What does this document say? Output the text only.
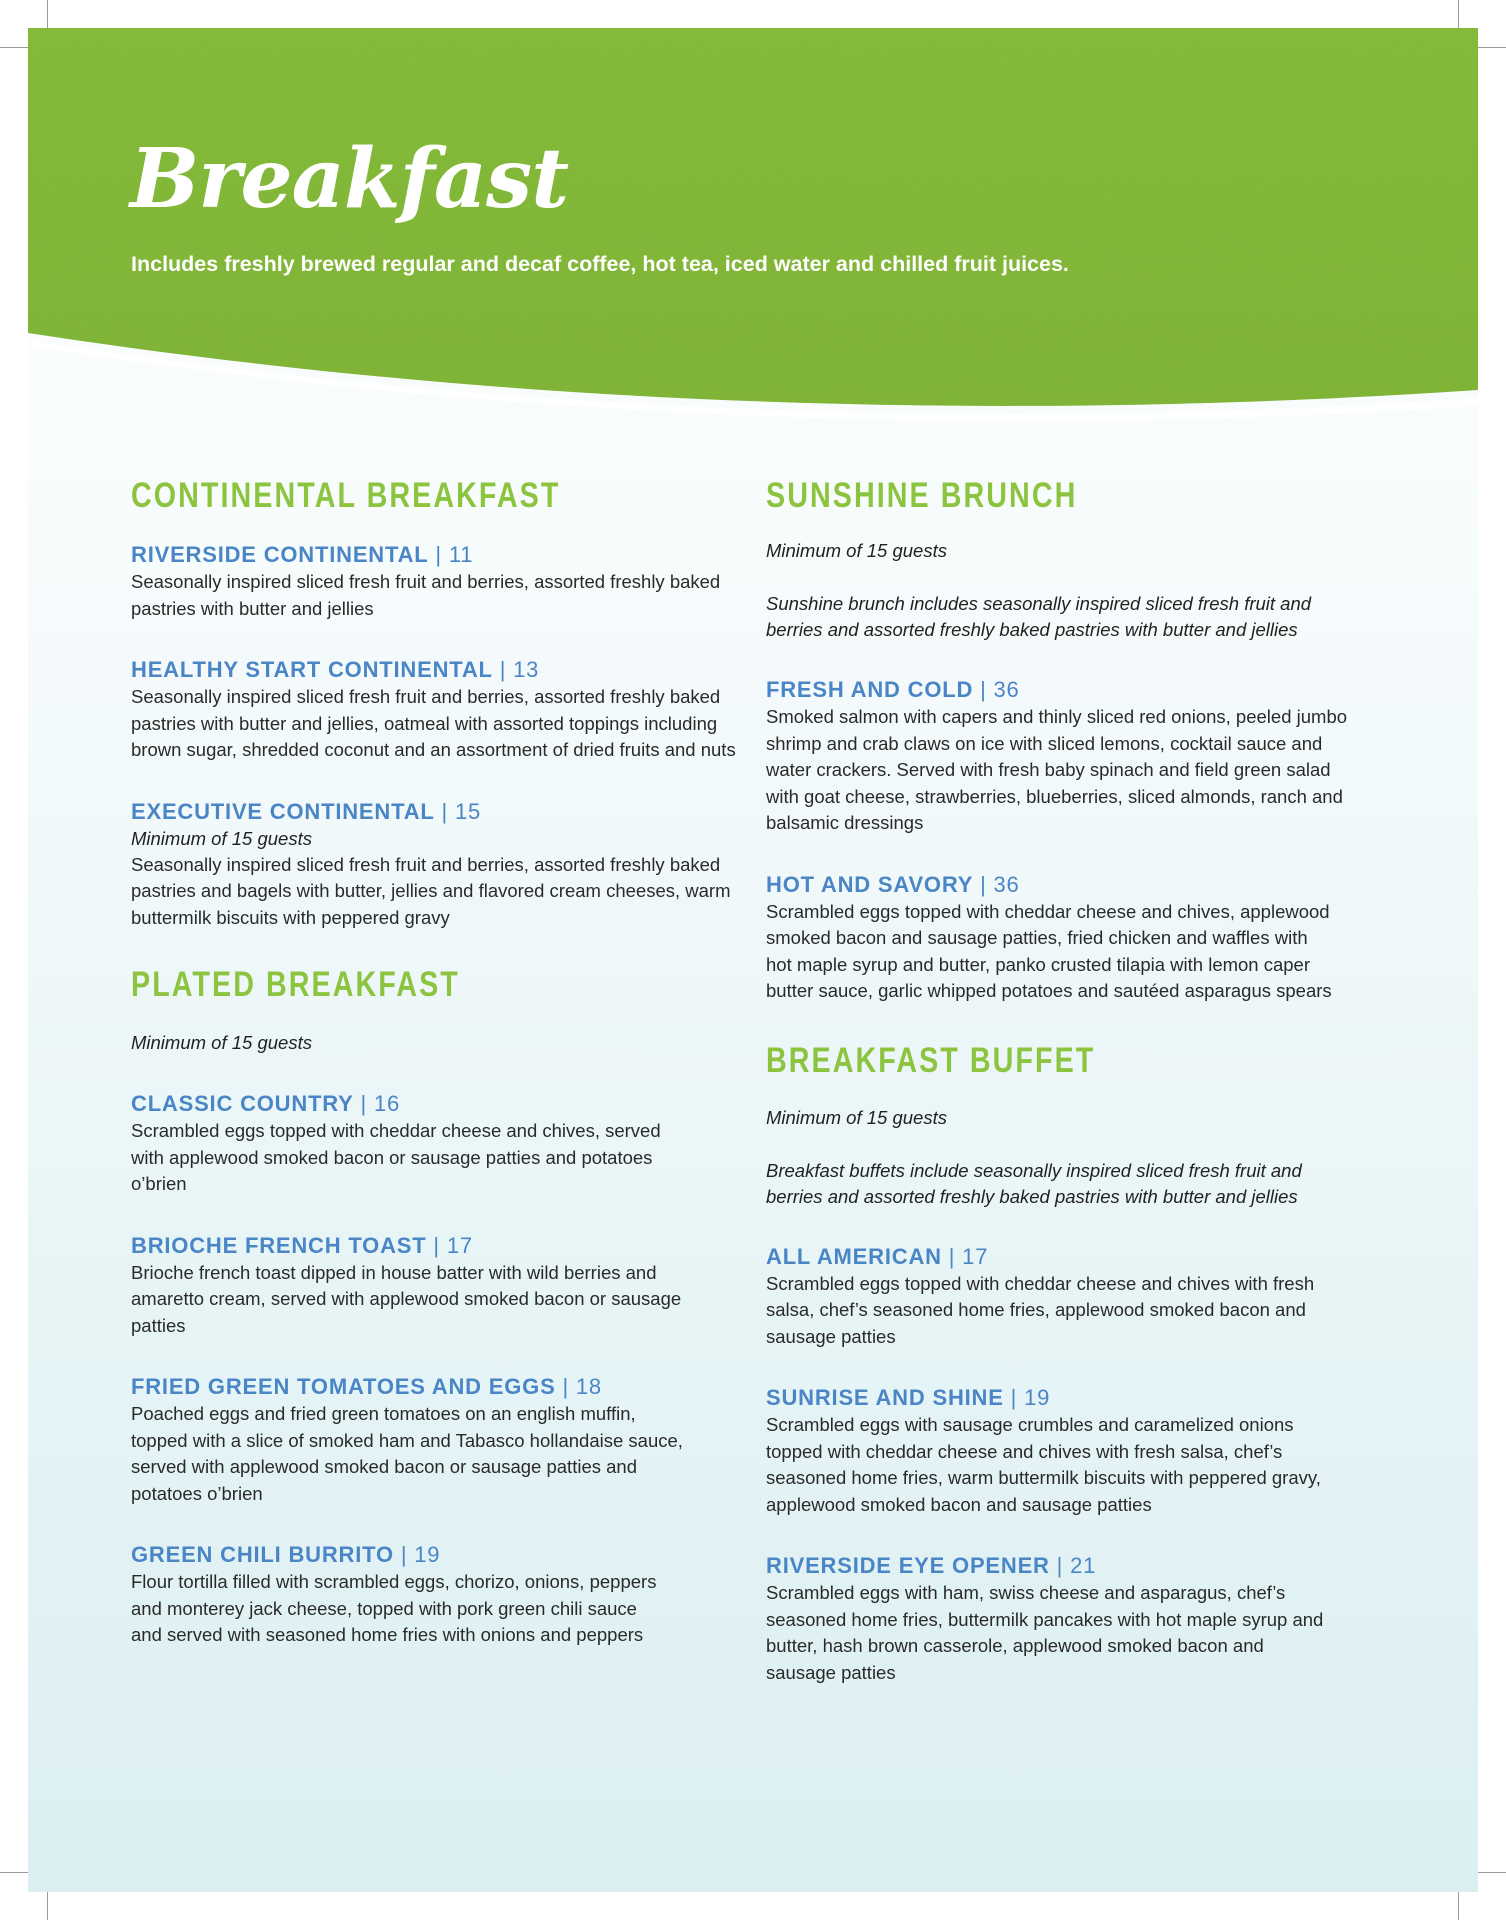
Breakfast
Includes freshly brewed regular and decaf coffee, hot tea, iced water and chilled fruit juices.
CONTINENTAL BREAKFAST
RIVERSIDE CONTINENTAL | 11
Seasonally inspired sliced fresh fruit and berries, assorted freshly baked pastries with butter and jellies
HEALTHY START CONTINENTAL | 13
Seasonally inspired sliced fresh fruit and berries, assorted freshly baked pastries with butter and jellies, oatmeal with assorted toppings including brown sugar, shredded coconut and an assortment of dried fruits and nuts
EXECUTIVE CONTINENTAL | 15
Minimum of 15 guests
Seasonally inspired sliced fresh fruit and berries, assorted freshly baked pastries and bagels with butter, jellies and flavored cream cheeses, warm buttermilk biscuits with peppered gravy
PLATED BREAKFAST
Minimum of 15 guests
CLASSIC COUNTRY | 16
Scrambled eggs topped with cheddar cheese and chives, served with applewood smoked bacon or sausage patties and potatoes o’brien
BRIOCHE FRENCH TOAST | 17
Brioche french toast dipped in house batter with wild berries and amaretto cream, served with applewood smoked bacon or sausage patties
FRIED GREEN TOMATOES AND EGGS | 18
Poached eggs and fried green tomatoes on an english muffin, topped with a slice of smoked ham and Tabasco hollandaise sauce, served with applewood smoked bacon or sausage patties and potatoes o’brien
GREEN CHILI BURRITO | 19
Flour tortilla filled with scrambled eggs, chorizo, onions, peppers and monterey jack cheese, topped with pork green chili sauce and served with seasoned home fries with onions and peppers
SUNSHINE BRUNCH
Minimum of 15 guests
Sunshine brunch includes seasonally inspired sliced fresh fruit and berries and assorted freshly baked pastries with butter and jellies
FRESH AND COLD | 36
Smoked salmon with capers and thinly sliced red onions, peeled jumbo shrimp and crab claws on ice with sliced lemons, cocktail sauce and water crackers. Served with fresh baby spinach and field green salad with goat cheese, strawberries, blueberries, sliced almonds, ranch and balsamic dressings
HOT AND SAVORY | 36
Scrambled eggs topped with cheddar cheese and chives, applewood smoked bacon and sausage patties, fried chicken and waffles with hot maple syrup and butter, panko crusted tilapia with lemon caper butter sauce, garlic whipped potatoes and sautéed asparagus spears
BREAKFAST BUFFET
Minimum of 15 guests
Breakfast buffets include seasonally inspired sliced fresh fruit and berries and assorted freshly baked pastries with butter and jellies
ALL AMERICAN | 17
Scrambled eggs topped with cheddar cheese and chives with fresh salsa, chef’s seasoned home fries, applewood smoked bacon and sausage patties
SUNRISE AND SHINE | 19
Scrambled eggs with sausage crumbles and caramelized onions topped with cheddar cheese and chives with fresh salsa, chef’s seasoned home fries, warm buttermilk biscuits with peppered gravy, applewood smoked bacon and sausage patties
RIVERSIDE EYE OPENER | 21
Scrambled eggs with ham, swiss cheese and asparagus, chef’s seasoned home fries, buttermilk pancakes with hot maple syrup and butter, hash brown casserole, applewood smoked bacon and sausage patties
